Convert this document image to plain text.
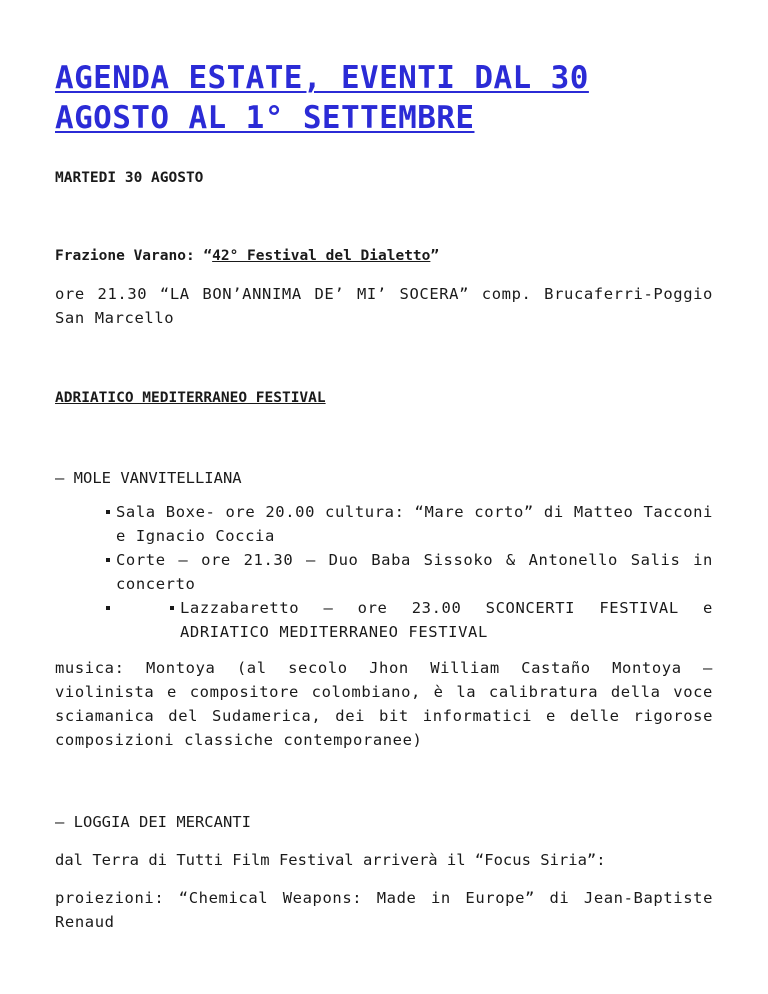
AGENDA ESTATE, EVENTI DAL 30 AGOSTO AL 1° SETTEMBRE

MARTEDI 30 AGOSTO

Frazione Varano: “42° Festival del Dialetto”

ore 21.30 “LA BON’ANNIMA DE’ MI’ SOCERA” comp. Brucaferri-Poggio San Marcello

ADRIATICO MEDITERRANEO FESTIVAL

– MOLE VANVITELLIANA

Sala Boxe- ore 20.00 cultura: “Mare corto” di Matteo Tacconi e Ignacio Coccia
Corte – ore 21.30 – Duo Baba Sissoko & Antonello Salis in concerto
Lazzabaretto – ore 23.00 SCONCERTI FESTIVAL e ADRIATICO MEDITERRANEO FESTIVAL

musica: Montoya (al secolo Jhon William Castaño Montoya – violinista e compositore colombiano, è la calibratura della voce sciamanica del Sudamerica, dei bit informatici e delle rigorose composizioni classiche contemporanee)

– LOGGIA DEI MERCANTI

dal Terra di Tutti Film Festival arriverà il “Focus Siria”:

proiezioni: “Chemical Weapons: Made in Europe” di Jean-Baptiste Renaud
